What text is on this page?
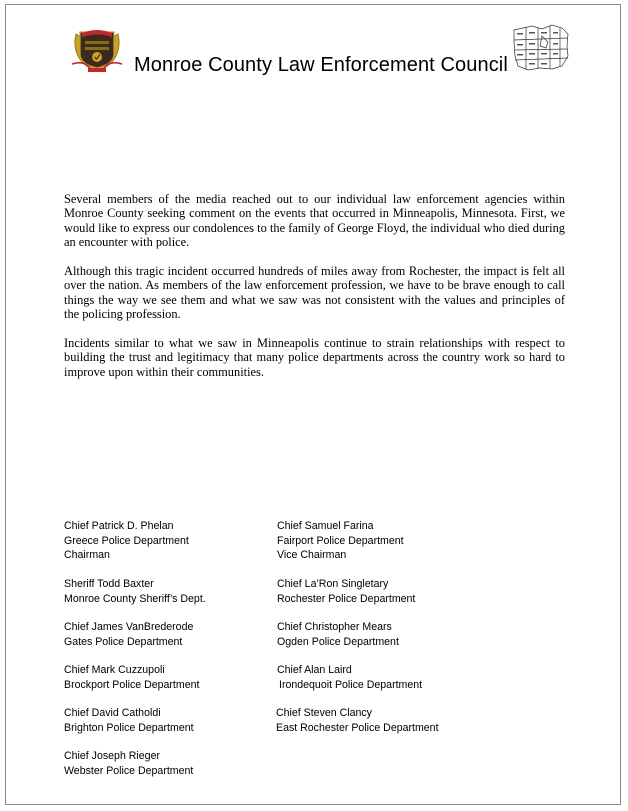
Monroe County Law Enforcement Council

Several members of the media reached out to our individual law enforcement agencies within Monroe County seeking comment on the events that occurred in Minneapolis, Minnesota. First, we would like to express our condolences to the family of George Floyd, the individual who died during an encounter with police.

Although this tragic incident occurred hundreds of miles away from Rochester, the impact is felt all over the nation. As members of the law enforcement profession, we have to be brave enough to call things the way we see them and what we saw was not consistent with the values and principles of the policing profession.

Incidents similar to what we saw in Minneapolis continue to strain relationships with respect to building the trust and legitimacy that many police departments across the country work so hard to improve upon within their communities.

Chief Patrick D. Phelan
Greece Police Department
Chairman
Sheriff Todd Baxter
Monroe County Sheriff’s Dept.
Chief James VanBrederode
Gates Police Department
Chief Mark Cuzzupoli
Brockport Police Department
Chief David Catholdi
Brighton Police Department
Chief Joseph Rieger
Webster Police Department
Chief Samuel Farina
Fairport Police Department
Vice Chairman
Chief La’Ron Singletary
Rochester Police Department
Chief Christopher Mears
Ogden Police Department
Chief Alan Laird
Irondequoit Police Department
Chief Steven Clancy
East Rochester Police Department
